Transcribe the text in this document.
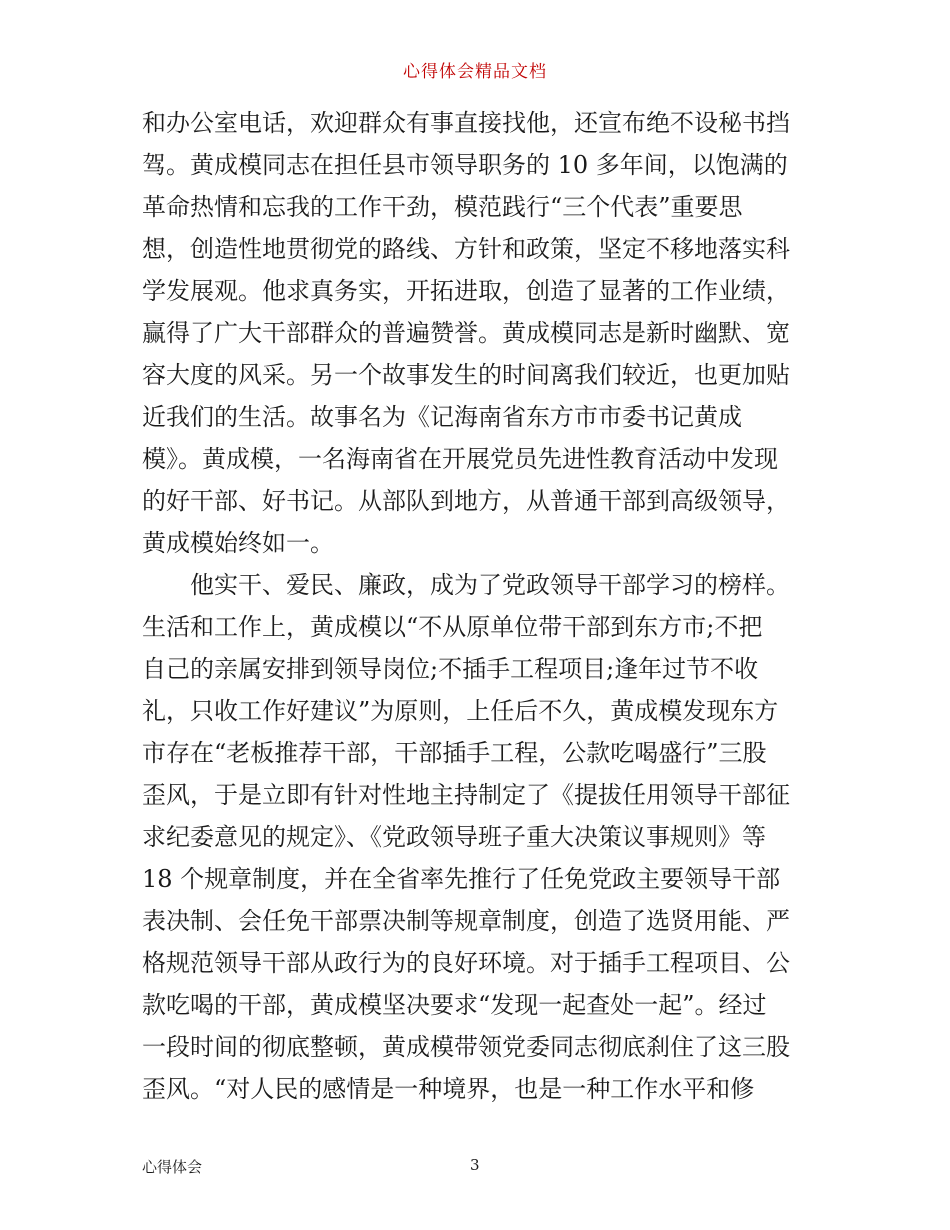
心得体会精品文档
和办公室电话，欢迎群众有事直接找他，还宣布绝不设秘书挡
驾。黄成模同志在担任县市领导职务的 10 多年间，以饱满的
革命热情和忘我的工作干劲，模范践行“三个代表”重要思
想，创造性地贯彻党的路线、方针和政策，坚定不移地落实科
学发展观。他求真务实，开拓进取，创造了显著的工作业绩，
赢得了广大干部群众的普遍赞誉。黄成模同志是新时幽默、宽
容大度的风采。另一个故事发生的时间离我们较近，也更加贴
近我们的生活。故事名为《记海南省东方市市委书记黄成
模》。黄成模，一名海南省在开展党员先进性教育活动中发现
的好干部、好书记。从部队到地方，从普通干部到高级领导，
黄成模始终如一。
他实干、爱民、廉政，成为了党政领导干部学习的榜样。
生活和工作上，黄成模以“不从原单位带干部到东方市;不把
自己的亲属安排到领导岗位;不插手工程项目;逢年过节不收
礼，只收工作好建议”为原则，上任后不久，黄成模发现东方
市存在“老板推荐干部，干部插手工程，公款吃喝盛行”三股
歪风，于是立即有针对性地主持制定了《提拔任用领导干部征
求纪委意见的规定》、《党政领导班子重大决策议事规则》等
18 个规章制度，并在全省率先推行了任免党政主要领导干部
表决制、会任免干部票决制等规章制度，创造了选贤用能、严
格规范领导干部从政行为的良好环境。对于插手工程项目、公
款吃喝的干部，黄成模坚决要求“发现一起查处一起”。经过
一段时间的彻底整顿，黄成模带领党委同志彻底刹住了这三股
歪风。“对人民的感情是一种境界，也是一种工作水平和修
心得体会	3
